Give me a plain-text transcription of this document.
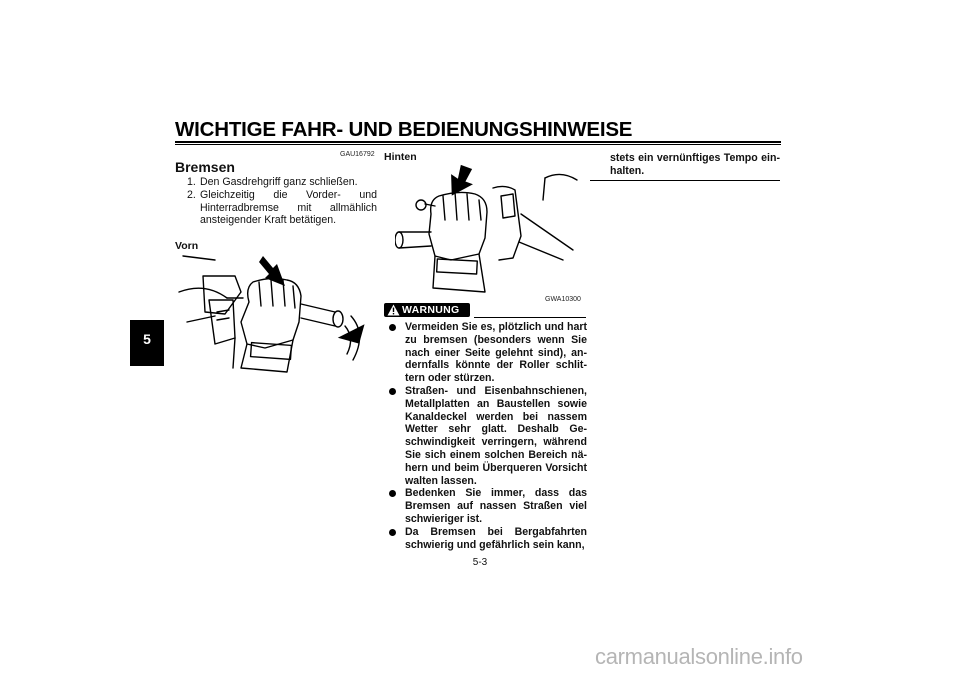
WICHTIGE FAHR- UND BEDIENUNGSHINWEISE
5
GAU16792
Bremsen
1. Den Gasdrehgriff ganz schließen.
2. Gleichzeitig die Vorder- und Hinterradbremse mit allmählich ansteigender Kraft betätigen.
Vorn
Hinten
GWA10300
WARNUNG
Vermeiden Sie es, plötzlich und hart zu bremsen (besonders wenn Sie nach einer Seite gelehnt sind), andernfalls könnte der Roller schlittern oder stürzen.
Straßen- und Eisenbahnschienen, Metallplatten an Baustellen sowie Kanaldeckel werden bei nassem Wetter sehr glatt. Deshalb Geschwindigkeit verringern, während Sie sich einem solchen Bereich nähern und beim Überqueren Vorsicht walten lassen.
Bedenken Sie immer, dass das Bremsen auf nassen Straßen viel schwieriger ist.
Da Bremsen bei Bergabfahrten schwierig und gefährlich sein kann,
stets ein vernünftiges Tempo einhalten.
5-3
carmanualsonline.info
